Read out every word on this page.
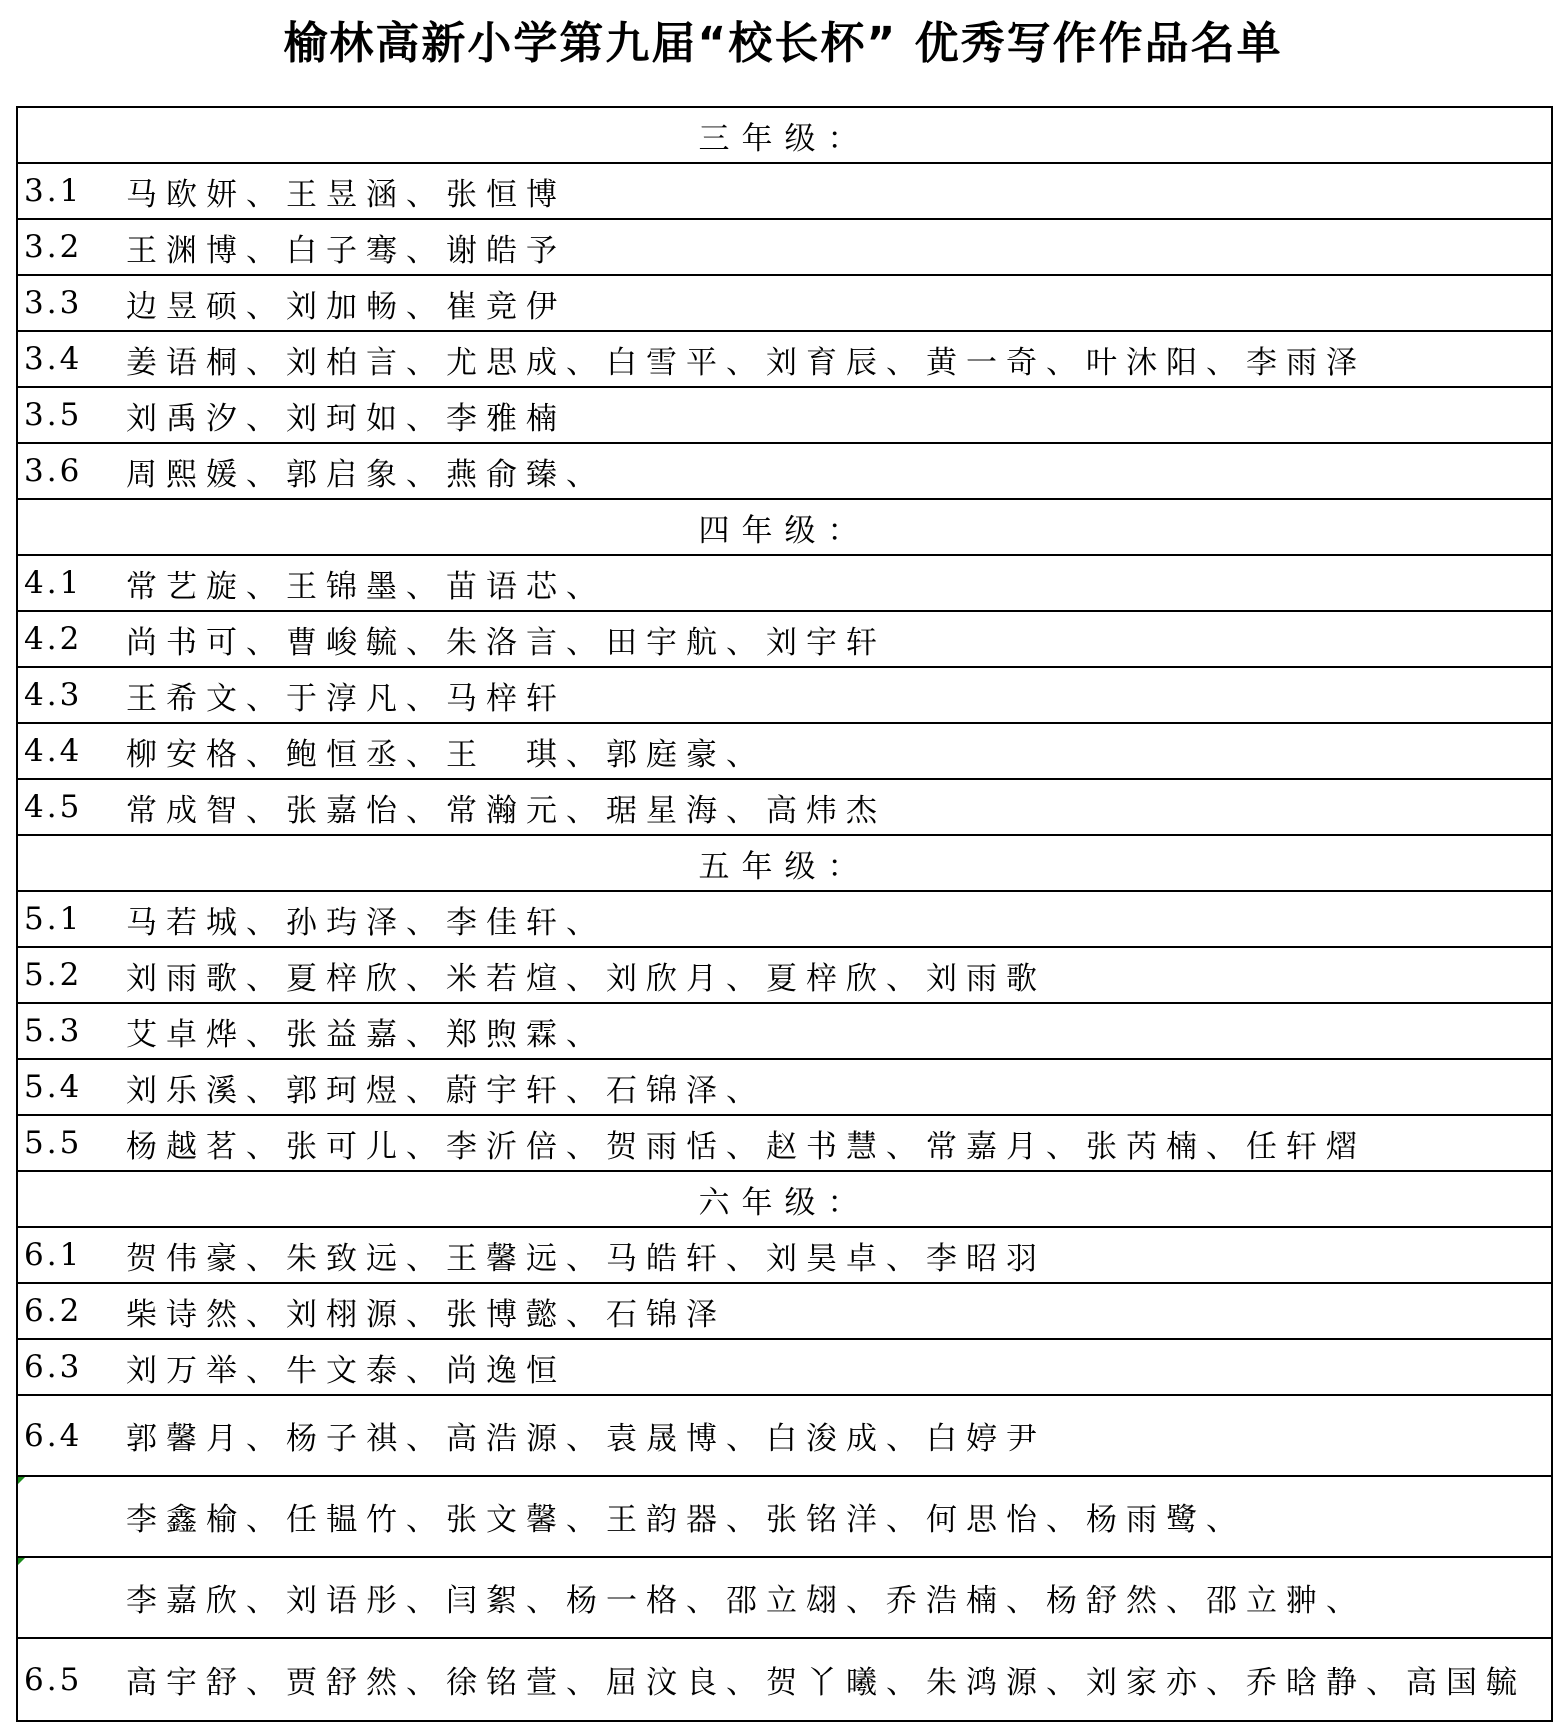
榆林高新小学第九届“校长杯” 优秀写作作品名单
三年级：
3.1 马欧妍、王昱涵、张恒博
3.2 王渊博、白子骞、谢皓予
3.3 边昱硕、刘加畅、崔竞伊
3.4 姜语桐、刘柏言、尤思成、白雪平、刘育辰、黄一奇、叶沐阳、李雨泽
3.5 刘禹汐、刘珂如、李雅楠
3.6 周熙媛、郭启象、燕俞臻、
四年级：
4.1 常艺旋、王锦墨、苗语芯、
4.2 尚书可、曹峻毓、朱洛言、田宇航、刘宇轩
4.3 王希文、于淳凡、马梓轩
4.4 柳安格、鲍恒丞、王　琪、郭庭豪、
4.5 常成智、张嘉怡、常瀚元、琚星海、高炜杰
五年级：
5.1 马若城、孙玙泽、李佳轩、
5.2 刘雨歌、夏梓欣、米若煊、刘欣月、夏梓欣、刘雨歌
5.3 艾卓烨、张益嘉、郑煦霖、
5.4 刘乐溪、郭珂煜、蔚宇轩、石锦泽、
5.5 杨越茗、张可儿、李沂倍、贺雨恬、赵书慧、常嘉月、张芮楠、任轩熠
六年级：
6.1 贺伟豪、朱致远、王馨远、马皓轩、刘昊卓、李昭羽
6.2 柴诗然、刘栩源、张博懿、石锦泽
6.3 刘万举、牛文泰、尚逸恒
6.4 郭馨月、杨子祺、高浩源、袁晟博、白浚成、白婷尹
李鑫榆、任韫竹、张文馨、王韵器、张铭洋、何思怡、杨雨鹭、
李嘉欣、刘语彤、闫絮、杨一格、邵立翃、乔浩楠、杨舒然、邵立翀、
6.5 高宇舒、贾舒然、徐铭萱、屈汶良、贺丫曦、朱鸿源、刘家亦、乔晗静、高国毓
